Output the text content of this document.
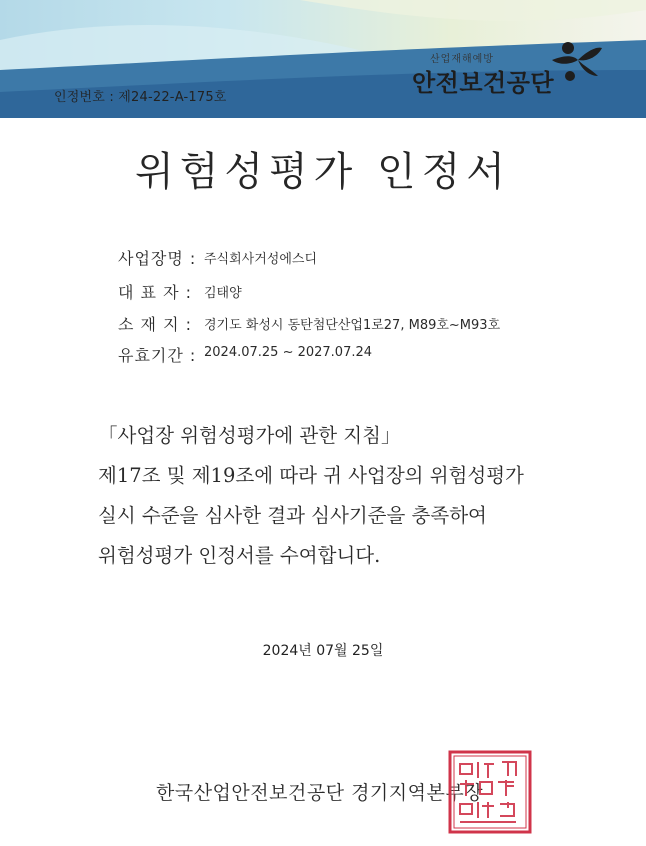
인정번호 : 제24-22-A-175호
산업재해예방
안전보건공단
위험성평가 인정서
사업장명 : 주식회사거성에스디
대 표 자 : 김태양
소 재 지 : 경기도 화성시 동탄첨단산업1로27, M89호~M93호
유효기간 : 2024.07.25 ~ 2027.07.24
「사업장 위험성평가에 관한 지침」
제17조 및 제19조에 따라 귀 사업장의 위험성평가
실시 수준을 심사한 결과 심사기준을 충족하여
위험성평가 인정서를 수여합니다.
2024년 07월 25일
한국산업안전보건공단 경기지역본부장
